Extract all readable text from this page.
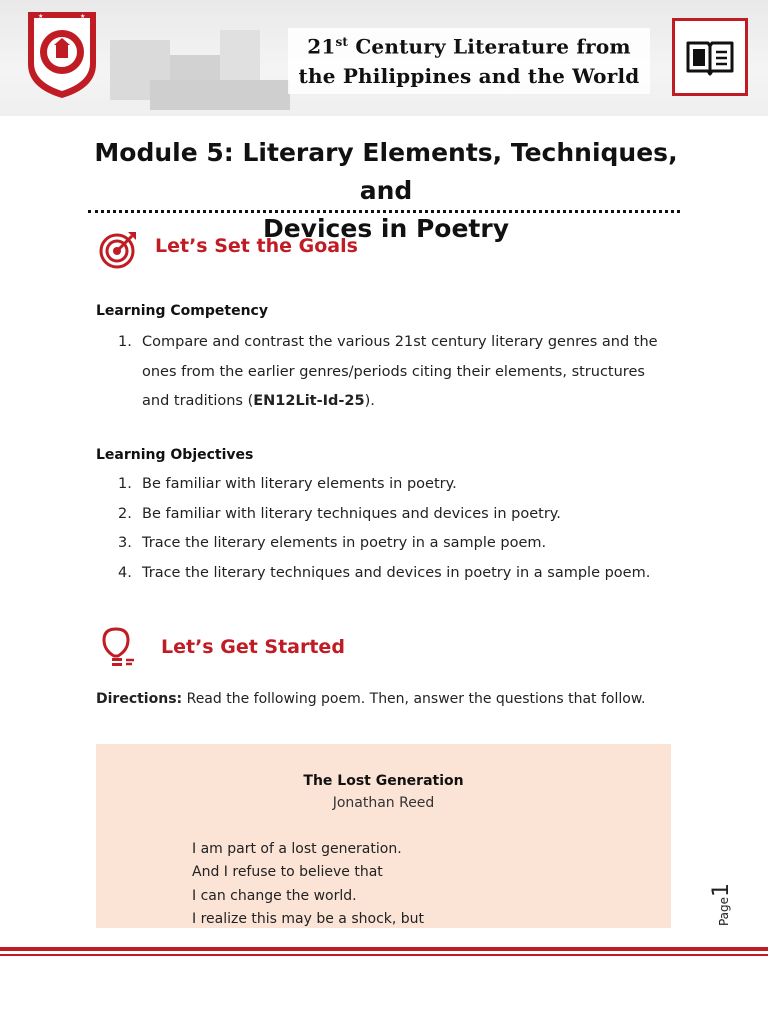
★	★
21st Century Literature from
the Philippines and the World
Module 5: Literary Elements, Techniques, and
Devices in Poetry
Let’s Set the Goals
Learning Competency
1. Compare and contrast the various 21st century literary genres and the ones from the earlier genres/periods citing their elements, structures and traditions (EN12Lit-Id-25).
Learning Objectives
1. Be familiar with literary elements in poetry.
2. Be familiar with literary techniques and devices in poetry.
3. Trace the literary elements in poetry in a sample poem.
4. Trace the literary techniques and devices in poetry in a sample poem.
Let’s Get Started
Directions: Read the following poem. Then, answer the questions that follow.
The Lost Generation
Jonathan Reed
I am part of a lost generation.
And I refuse to believe that
I can change the world.
I realize this may be a shock, but	Page1
